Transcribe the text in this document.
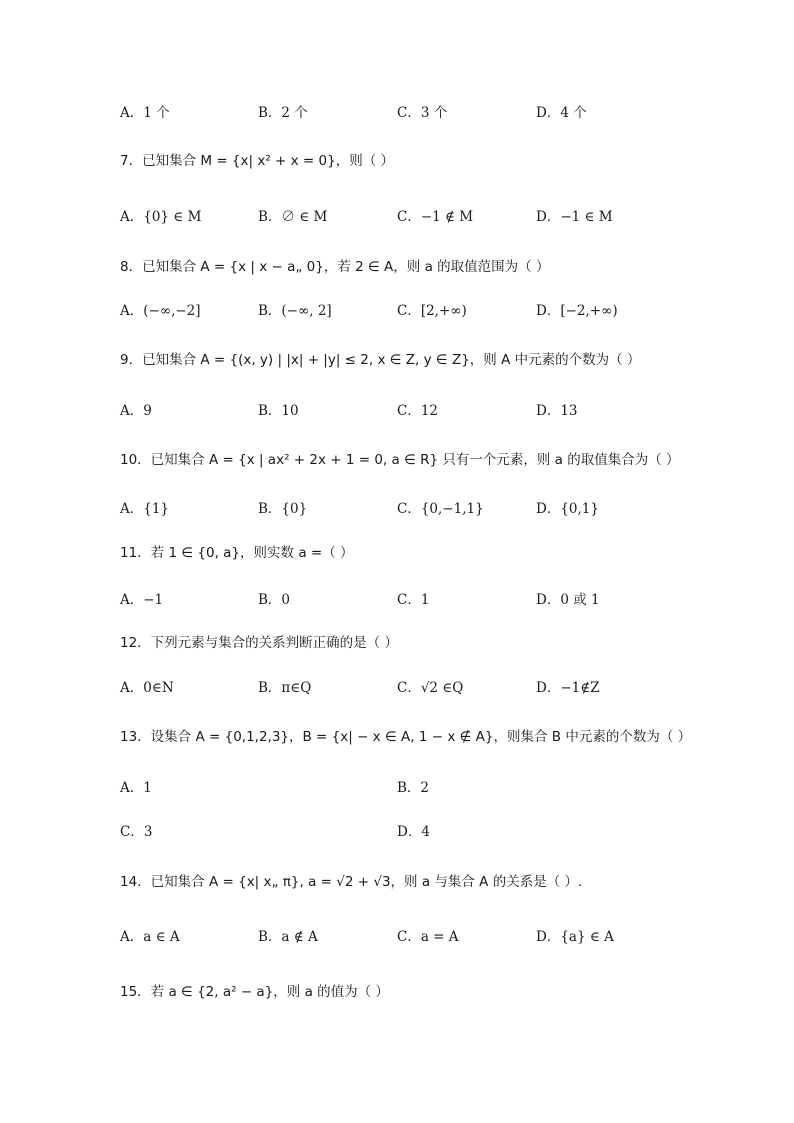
A．1 个	B．2 个	C．3 个	D．4 个
7．已知集合 M = {x| x² + x = 0}，则（ ）
A．{0} ∈ M	B．∅ ∈ M	C．−1 ∉ M	D．−1 ∈ M
8．已知集合 A = {x | x − a„ 0}，若 2 ∈ A，则 a 的取值范围为（ ）
A．(−∞,−2]	B．(−∞, 2]	C．[2,+∞)	D．[−2,+∞)
9．已知集合 A = {(x, y) | |x| + |y| ≤ 2, x ∈ Z, y ∈ Z}，则 A 中元素的个数为（ ）
A．9	B．10	C．12	D．13
10．已知集合 A = {x | ax² + 2x + 1 = 0, a ∈ R} 只有一个元素，则 a 的取值集合为（ ）
A．{1}	B．{0}	C．{0,−1,1}	D．{0,1}
11．若 1 ∈ {0, a}，则实数 a =（ ）
A．−1	B．0	C．1	D．0 或 1
12．下列元素与集合的关系判断正确的是（ ）
A．0∈N	B．π∈Q	C．√2 ∈Q	D．−1∉Z
13．设集合 A = {0,1,2,3}，B = {x| − x ∈ A, 1 − x ∉ A}，则集合 B 中元素的个数为（ ）
A．1	B．2
C．3	D．4
14．已知集合 A = {x| x„ π}, a = √2 + √3，则 a 与集合 A 的关系是（ ）.
A．a ∈ A	B．a ∉ A	C．a = A	D．{a} ∈ A
15．若 a ∈ {2, a² − a}，则 a 的值为（ ）
